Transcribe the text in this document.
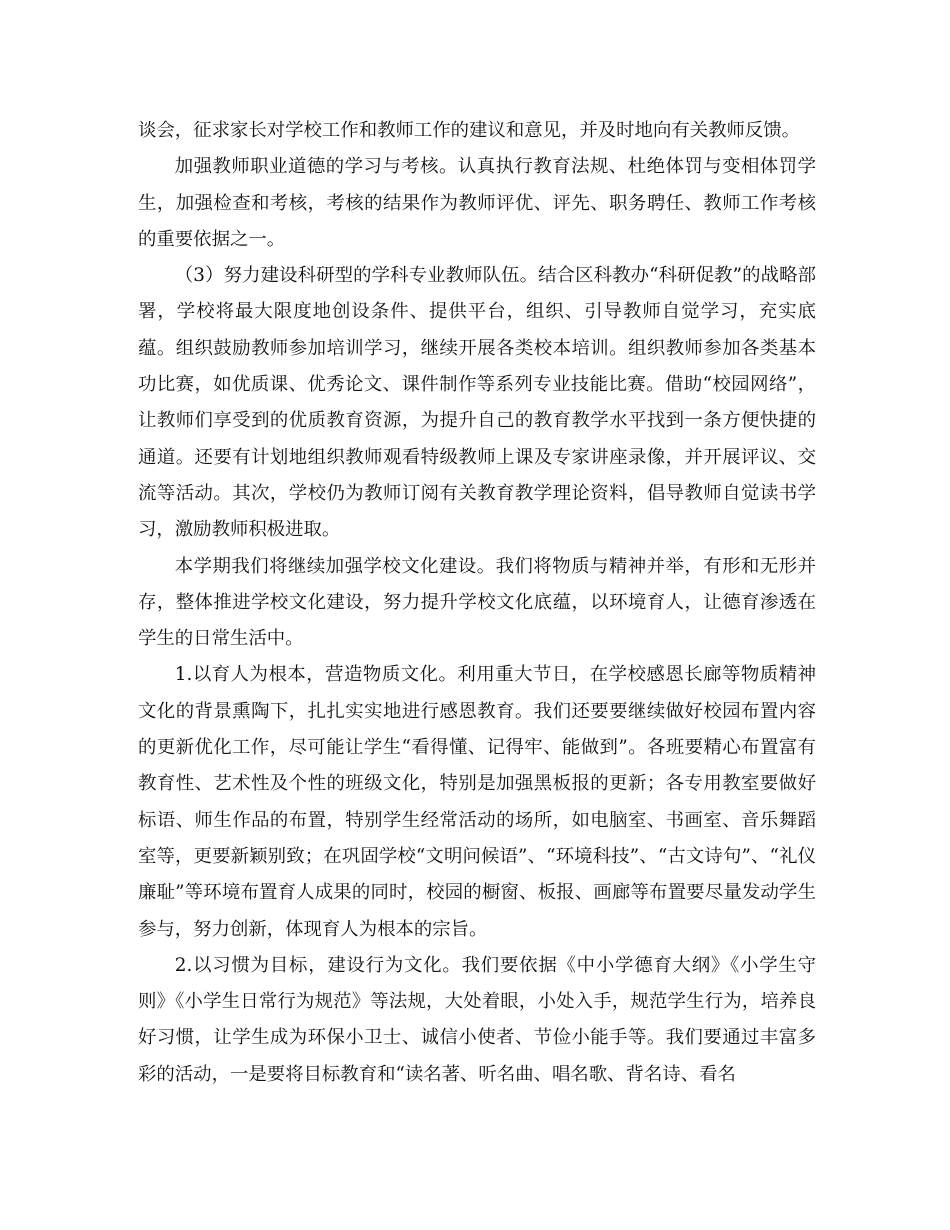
谈会，征求家长对学校工作和教师工作的建议和意见，并及时地向有关教师反馈。

加强教师职业道德的学习与考核。认真执行教育法规、杜绝体罚与变相体罚学生，加强检查和考核，考核的结果作为教师评优、评先、职务聘任、教师工作考核的重要依据之一。

（3）努力建设科研型的学科专业教师队伍。结合区科教办“科研促教”的战略部署，学校将最大限度地创设条件、提供平台，组织、引导教师自觉学习，充实底蕴。组织鼓励教师参加培训学习，继续开展各类校本培训。组织教师参加各类基本功比赛，如优质课、优秀论文、课件制作等系列专业技能比赛。借助“校园网络”，让教师们享受到的优质教育资源，为提升自己的教育教学水平找到一条方便快捷的通道。还要有计划地组织教师观看特级教师上课及专家讲座录像，并开展评议、交流等活动。其次，学校仍为教师订阅有关教育教学理论资料，倡导教师自觉读书学习，激励教师积极进取。

本学期我们将继续加强学校文化建设。我们将物质与精神并举，有形和无形并存，整体推进学校文化建设，努力提升学校文化底蕴，以环境育人，让德育渗透在学生的日常生活中。

1.以育人为根本，营造物质文化。利用重大节日，在学校感恩长廊等物质精神文化的背景熏陶下，扎扎实实地进行感恩教育。我们还要要继续做好校园布置内容的更新优化工作，尽可能让学生“看得懂、记得牢、能做到”。各班要精心布置富有教育性、艺术性及个性的班级文化，特别是加强黑板报的更新；各专用教室要做好标语、师生作品的布置，特别学生经常活动的场所，如电脑室、书画室、音乐舞蹈室等，更要新颖别致；在巩固学校“文明问候语”、“环境科技”、“古文诗句”、“礼仪廉耻”等环境布置育人成果的同时，校园的橱窗、板报、画廊等布置要尽量发动学生参与，努力创新，体现育人为根本的宗旨。

2.以习惯为目标，建设行为文化。我们要依据《中小学德育大纲》《小学生守则》《小学生日常行为规范》等法规，大处着眼，小处入手，规范学生行为，培养良好习惯，让学生成为环保小卫士、诚信小使者、节俭小能手等。我们要通过丰富多彩的活动，一是要将目标教育和“读名著、听名曲、唱名歌、背名诗、看名
